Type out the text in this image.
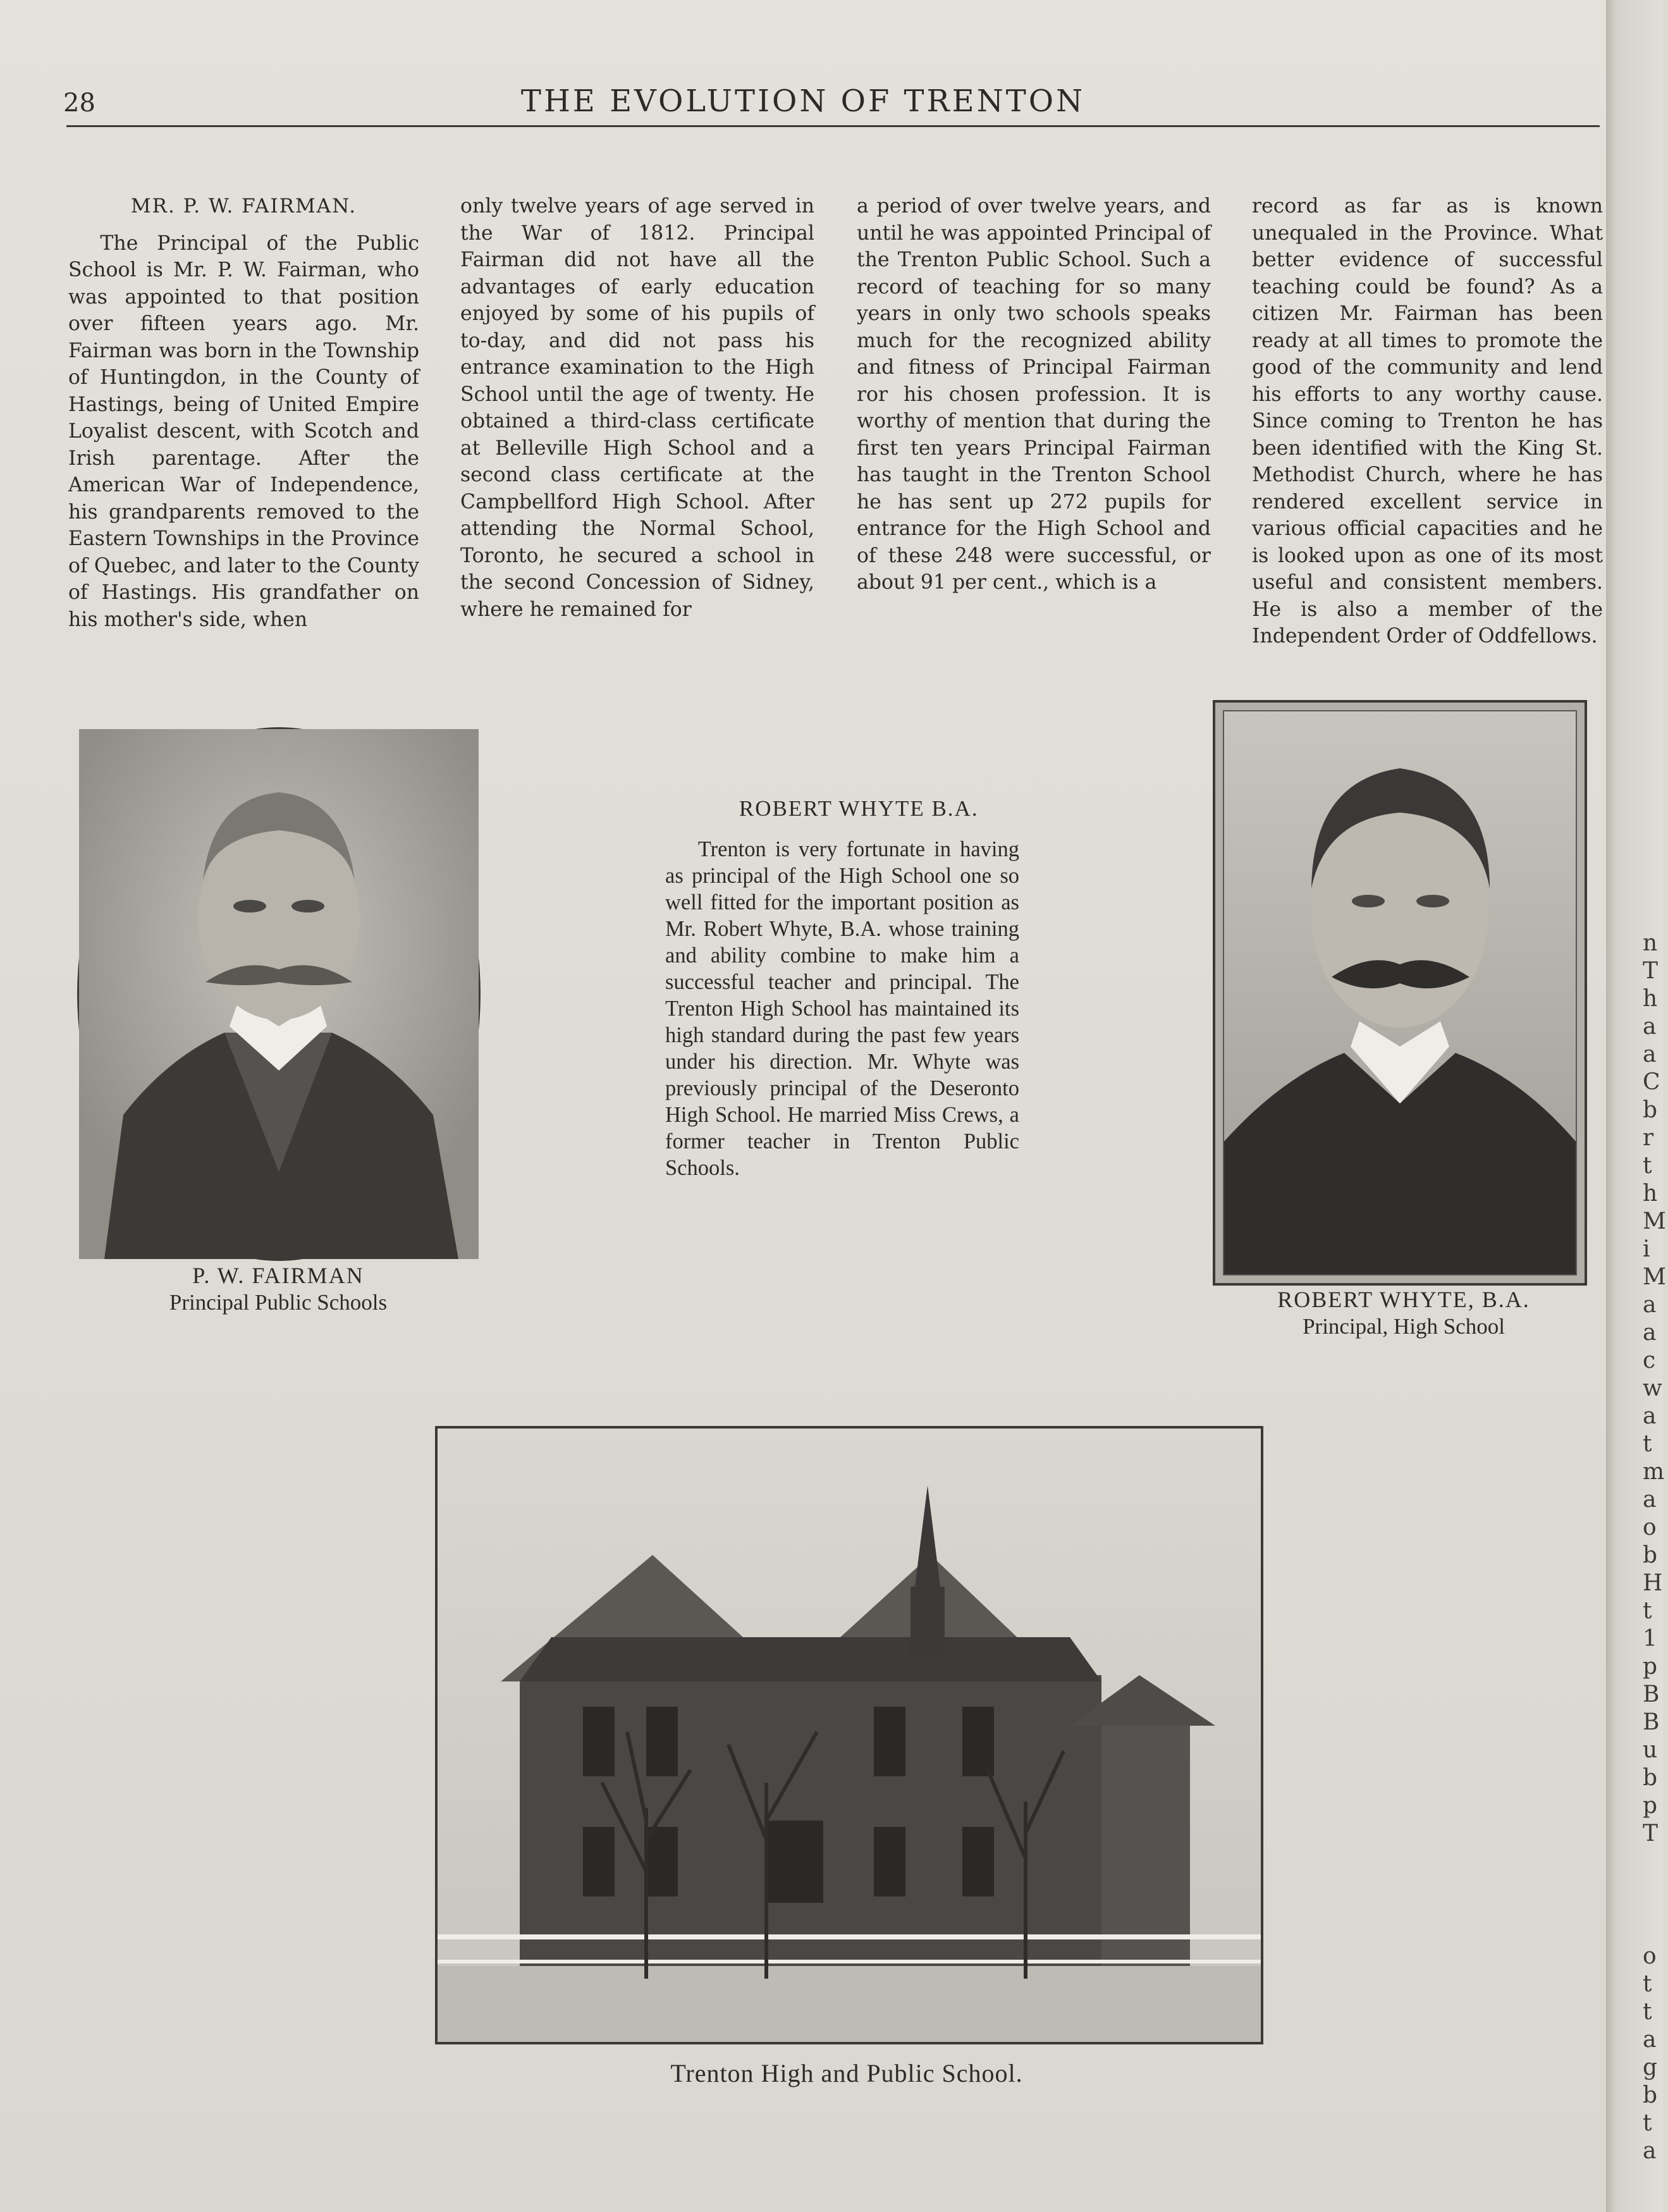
28	THE EVOLUTION OF TRENTON

MR. P. W. FAIRMAN.

The Principal of the Public School is Mr. P. W. Fairman, who was appointed to that position over fifteen years ago. Mr. Fairman was born in the Township of Huntingdon, in the County of Hastings, being of United Empire Loyalist descent, with Scotch and Irish parentage. After the American War of Independence, his grandparents removed to the Eastern Townships in the Province of Quebec, and later to the County of Hastings. His grandfather on his mother's side, when

only twelve years of age served in the War of 1812. Principal Fairman did not have all the advantages of early education enjoyed by some of his pupils of to-day, and did not pass his entrance examination to the High School until the age of twenty. He obtained a third-class certificate at Belleville High School and a second class certificate at the Campbellford High School. After attending the Normal School, Toronto, he secured a school in the second Concession of Sidney, where he remained for

a period of over twelve years, and until he was appointed Principal of the Trenton Public School. Such a record of teaching for so many years in only two schools speaks much for the recognized ability and fitness of Principal Fairman ror his chosen profession. It is worthy of mention that during the first ten years Principal Fairman has taught in the Trenton School he has sent up 272 pupils for entrance for the High School and of these 248 were successful, or about 91 per cent., which is a

record as far as is known unequaled in the Province. What better evidence of successful teaching could be found? As a citizen Mr. Fairman has been ready at all times to promote the good of the community and lend his efforts to any worthy cause. Since coming to Trenton he has been identified with the King St. Methodist Church, where he has rendered excellent service in various official capacities and he is looked upon as one of its most useful and consistent members. He is also a member of the Independent Order of Oddfellows.

P. W. FAIRMAN
Principal Public Schools

ROBERT WHYTE B.A.

Trenton is very fortunate in having as principal of the High School one so well fitted for the important position as Mr. Robert Whyte, B.A. whose training and ability combine to make him a successful teacher and principal. The Trenton High School has maintained its high standard during the past few years under his direction. Mr. Whyte was previously principal of the Deseronto High School. He married Miss Crews, a former teacher in Trenton Public Schools.

ROBERT WHYTE, B.A.
Principal, High School
Trenton High and Public School.
n
T
h
a
a
C
b
r
t
h
M
i
M
a
a
c
w
a
t
m
a
o
b
H
t
1
p
B
B
u
b
p
T
o
t
t
a
g
b
t
a
